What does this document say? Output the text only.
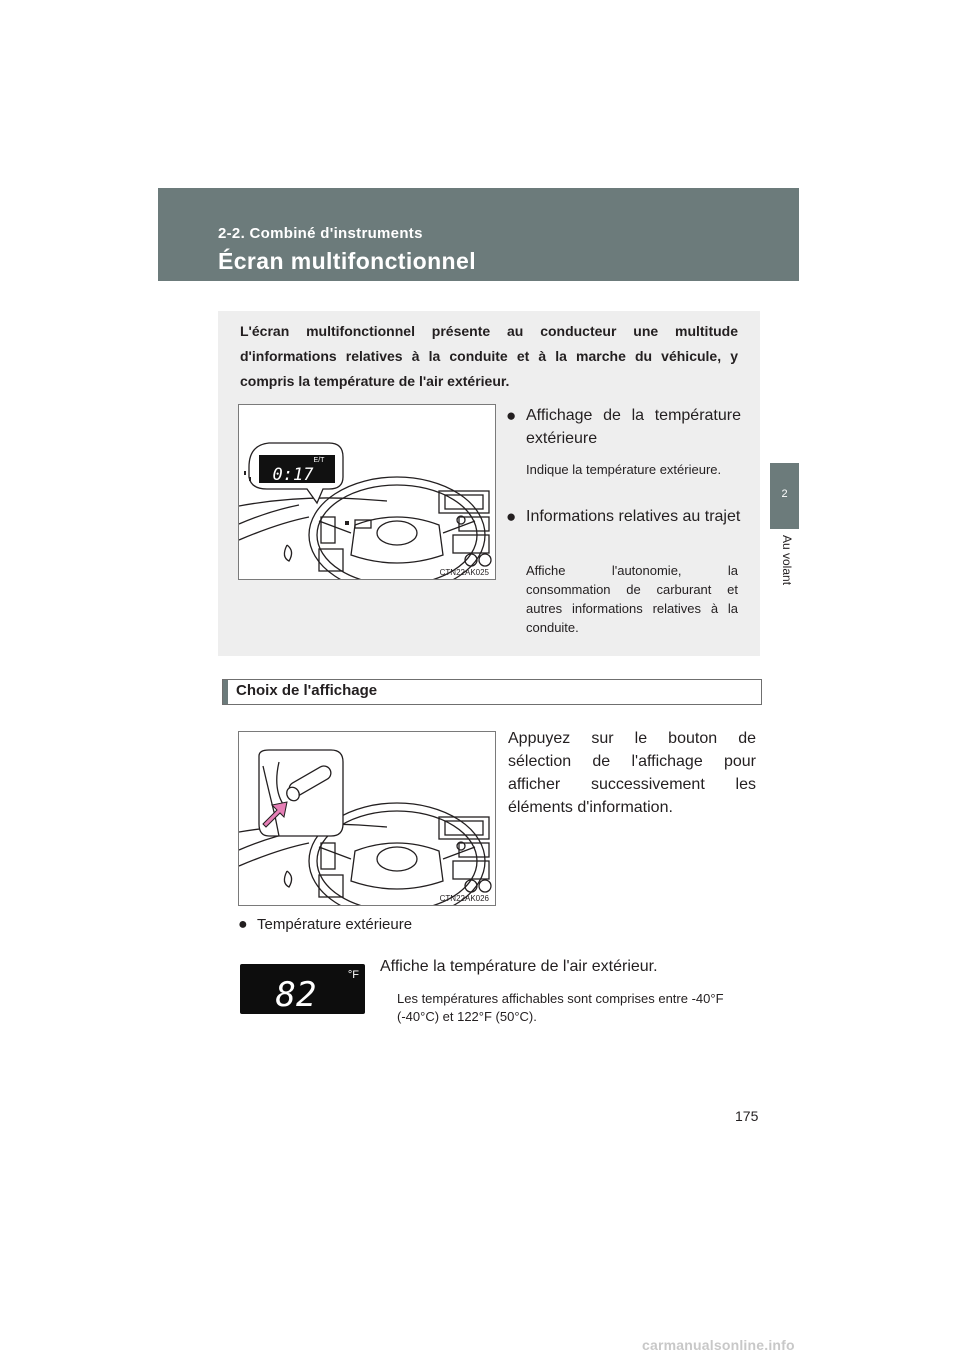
2-2. Combiné d'instruments
Écran multifonctionnel
2
Au volant
L'écran multifonctionnel présente au conducteur une multitude d'informations relatives à la conduite et à la marche du véhicule, y compris la température de l'air extérieur.
E/T
0:17
CTN22AK025
● Affichage de la température extérieure
Indique la température extérieure.
● Informations relatives au trajet
Affiche l'autonomie, la consommation de carburant et autres informations relatives à la conduite.
Choix de l'affichage
CTN22AK026
Appuyez sur le bouton de sélection de l'affichage pour afficher successivement les éléments d'information.
● Température extérieure
82	°F Affiche la température de l'air extérieur.
Les températures affichables sont comprises entre -40°F (-40°C) et 122°F (50°C).
175
carmanualsonline.info
